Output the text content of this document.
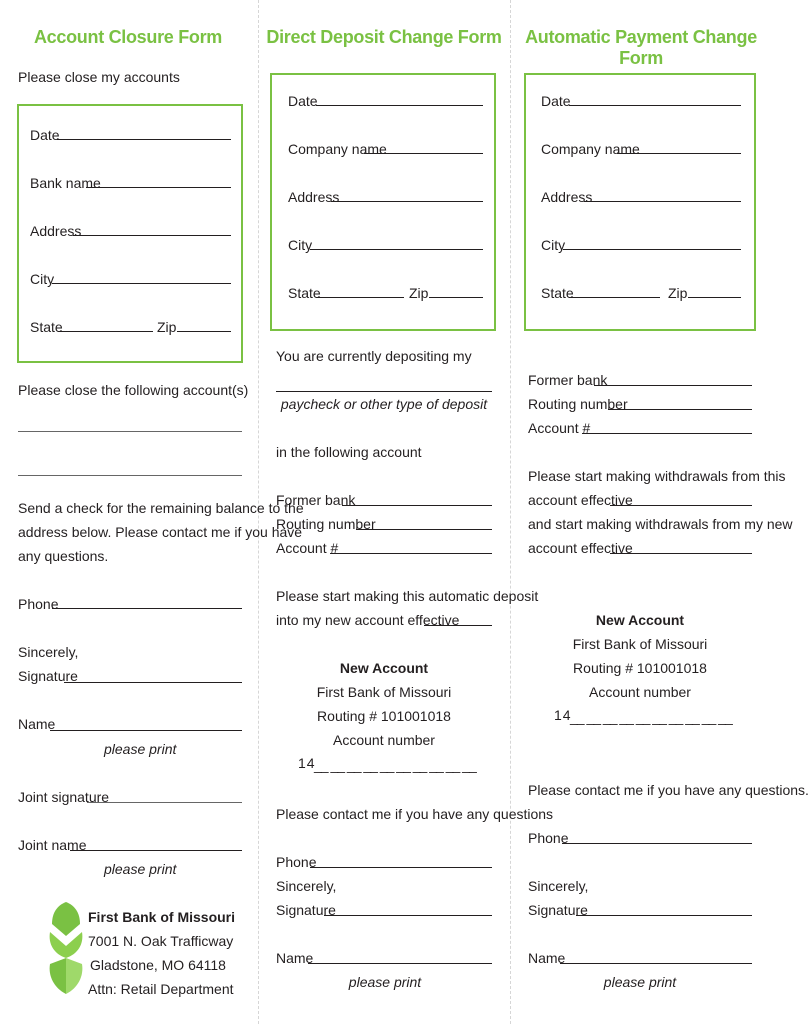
Account Closure Form
Please close my accounts
Date
Bank name
Address
City
State	Zip
Please close the following account(s)
Send a check for the remaining balance to the
address below. Please contact me if you have
any questions.
Phone
Sincerely,
Signature
Name
please print
Joint signature
Joint name
please print
First Bank of Missouri
7001 N. Oak Trafficway
Gladstone, MO 64118
Attn: Retail Department
Direct Deposit Change Form
Date
Company name
Address
City
State	Zip
You are currently depositing my
paycheck or other type of deposit
in the following account
Former bank
Routing number
Account #
Please start making this automatic deposit
into my new account effective
New Account
First Bank of Missouri
Routing # 101001018
Account number
14
__ __ __ __ __ __ __ __ __ __
Please contact me if you have any questions
Phone
Sincerely,
Signature
Name
please print
Automatic Payment Change Form
Date
Company name
Address
City
State	Zip
Former bank
Routing number
Account #
Please start making withdrawals from this
account effective
and start making withdrawals from my new
account effective
New Account
First Bank of Missouri
Routing # 101001018
Account number
14
__ __ __ __ __ __ __ __ __ __
Please contact me if you have any questions.
Phone
Sincerely,
Signature
Name
please print
